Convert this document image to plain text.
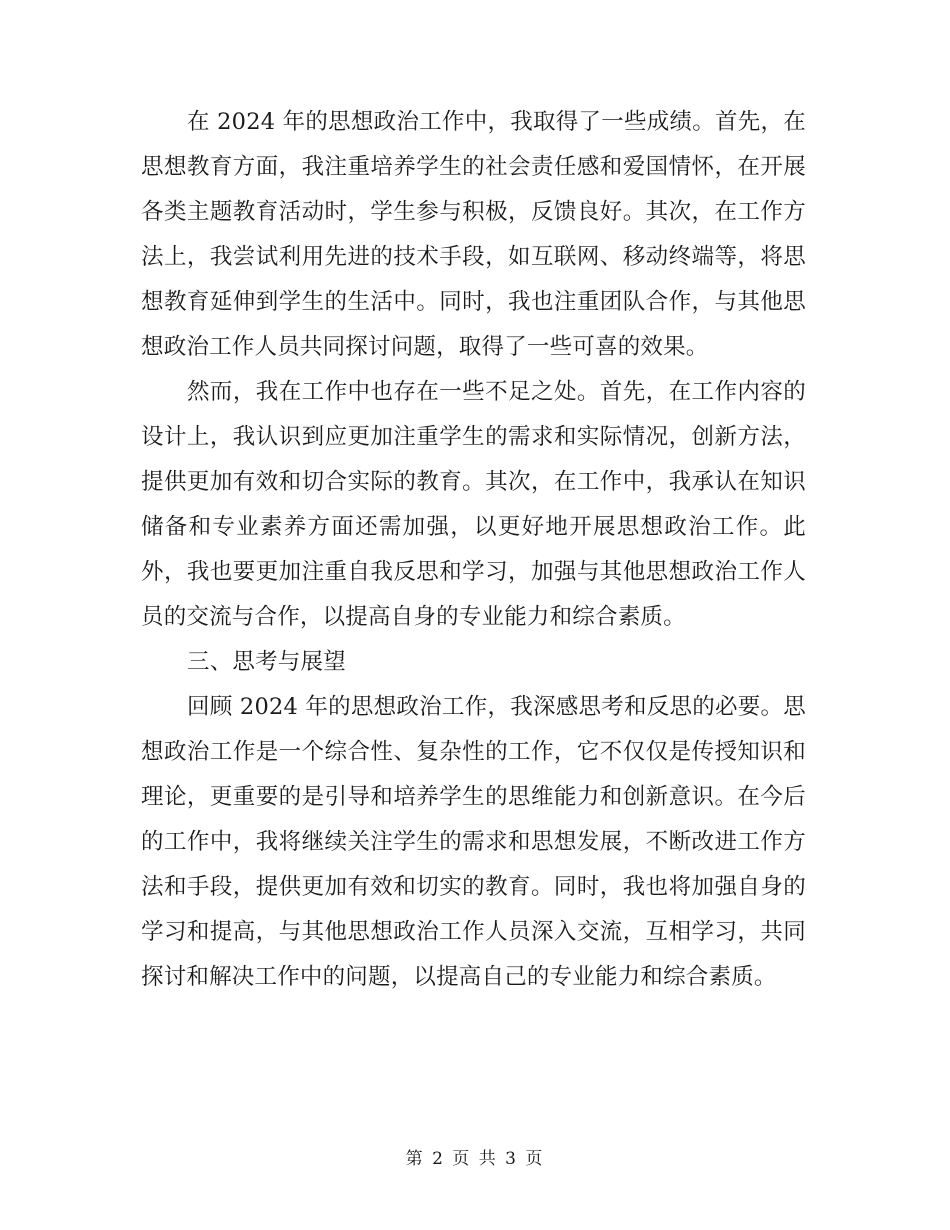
在 2024 年的思想政治工作中，我取得了一些成绩。首先，在思想教育方面，我注重培养学生的社会责任感和爱国情怀，在开展各类主题教育活动时，学生参与积极，反馈良好。其次，在工作方法上，我尝试利用先进的技术手段，如互联网、移动终端等，将思想教育延伸到学生的生活中。同时，我也注重团队合作，与其他思想政治工作人员共同探讨问题，取得了一些可喜的效果。

然而，我在工作中也存在一些不足之处。首先，在工作内容的设计上，我认识到应更加注重学生的需求和实际情况，创新方法，提供更加有效和切合实际的教育。其次，在工作中，我承认在知识储备和专业素养方面还需加强，以更好地开展思想政治工作。此外，我也要更加注重自我反思和学习，加强与其他思想政治工作人员的交流与合作，以提高自身的专业能力和综合素质。

三、思考与展望

回顾 2024 年的思想政治工作，我深感思考和反思的必要。思想政治工作是一个综合性、复杂性的工作，它不仅仅是传授知识和理论，更重要的是引导和培养学生的思维能力和创新意识。在今后的工作中，我将继续关注学生的需求和思想发展，不断改进工作方法和手段，提供更加有效和切实的教育。同时，我也将加强自身的学习和提高，与其他思想政治工作人员深入交流，互相学习，共同探讨和解决工作中的问题，以提高自己的专业能力和综合素质。

第 2 页 共 3 页
